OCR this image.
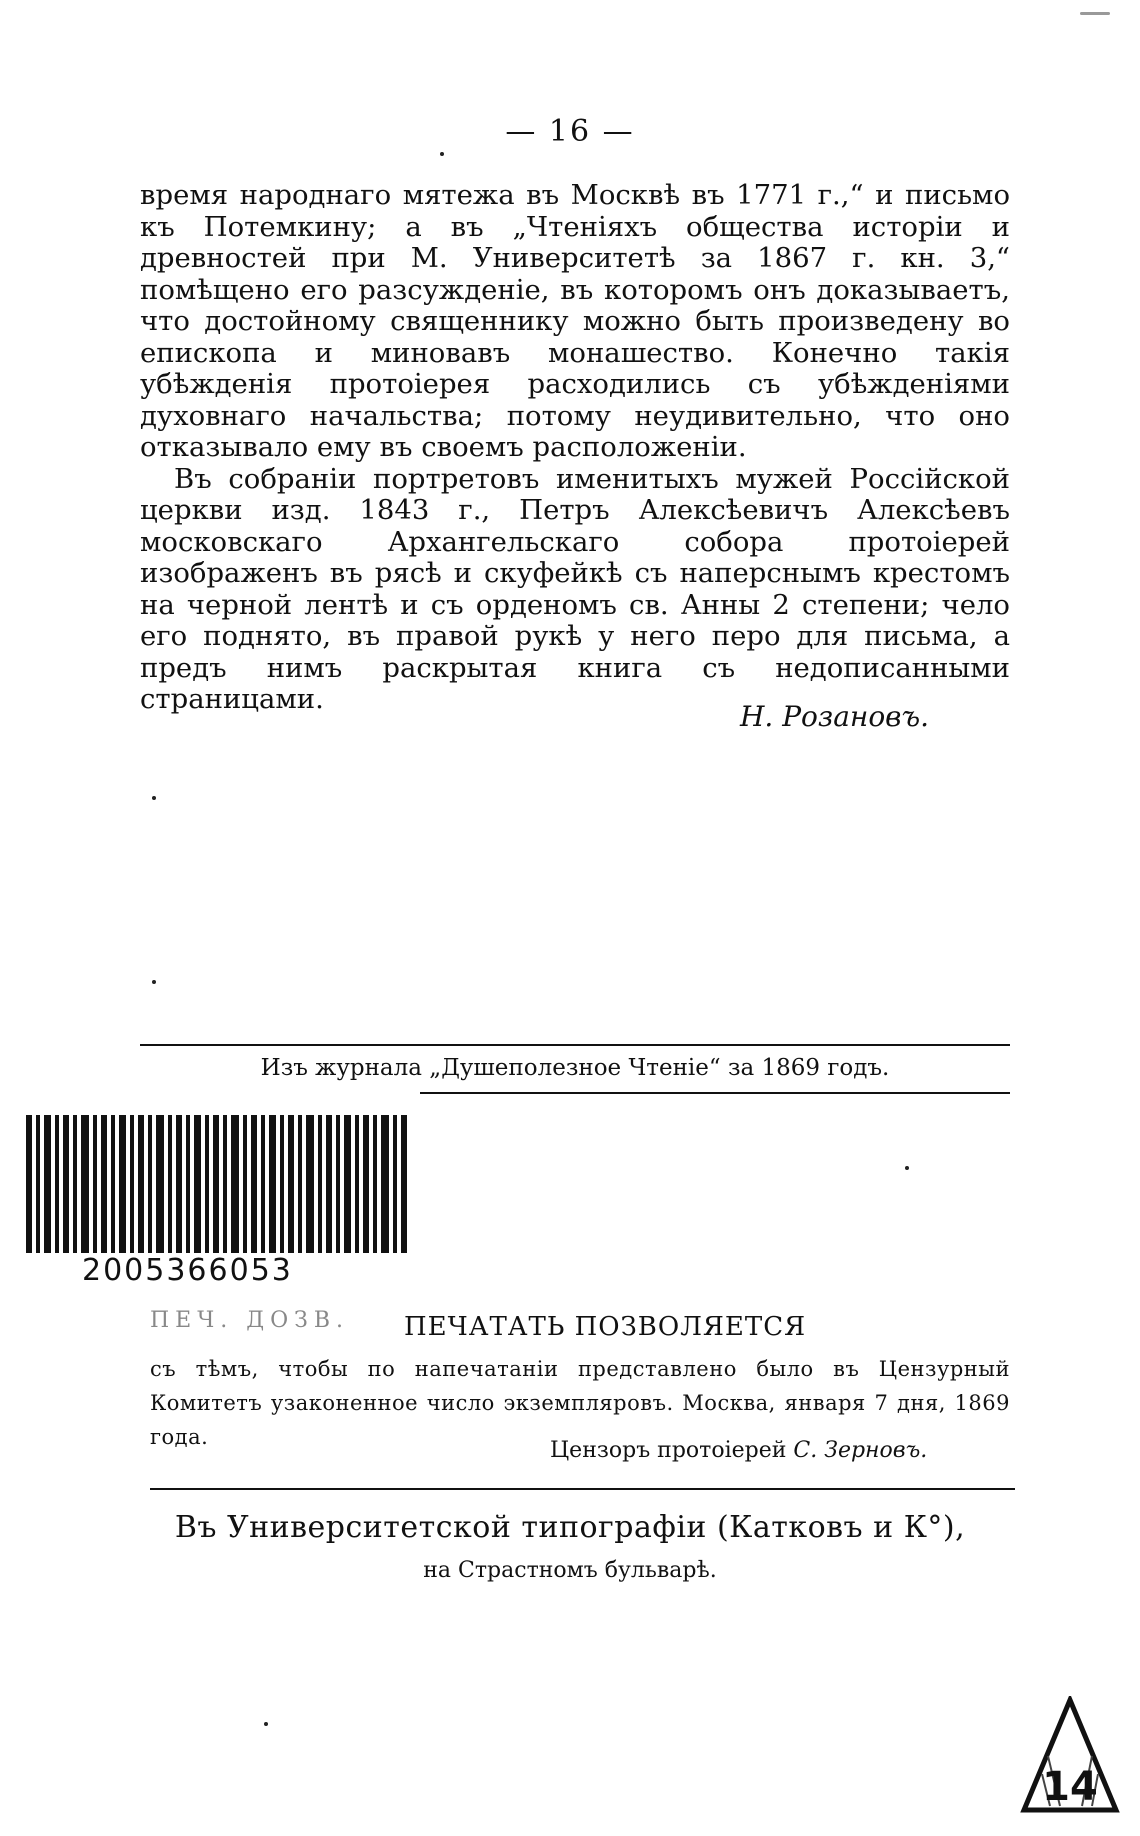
— 16 —

время народнаго мятежа въ Москвѣ въ 1771 г.,“ и письмо къ Потемкину; а въ „Чтеніяхъ общества исторіи и древностей при М. Университетѣ за 1867 г. кн. 3,“ помѣщено его разсужденіе, въ которомъ онъ доказываетъ, что достойному священнику можно быть произведену во епископа и миновавъ монашество. Конечно такія убѣжденія протоіерея расходились съ убѣжденіями духовнаго начальства; потому неудивительно, что оно отказывало ему въ своемъ расположеніи.

Въ собраніи портретовъ именитыхъ мужей Россійской церкви изд. 1843 г., Петръ Алексѣевичъ Алексѣевъ московскаго Архангельскаго собора протоіерей изображенъ въ рясѣ и скуфейкѣ съ наперснымъ крестомъ на черной лентѣ и съ орденомъ св. Анны 2 степени; чело его поднято, въ правой рукѣ у него перо для письма, а предъ нимъ раскрытая книга съ недописанными страницами.

Н. Розановъ.
Изъ журнала „Душеполезное Чтеніе“ за 1869 годъ.
2005366053
ПЕЧ. ДОЗВ. ПЕЧАТАТЬ ПОЗВОЛЯЕТСЯ
съ тѣмъ, чтобы по напечатаніи представлено было въ Цензурный Комитетъ узаконенное число экземпляровъ. Москва, января 7 дня, 1869 года.
Цензоръ протоіерей С. Зерновъ.
Въ Университетской типографіи (Катковъ и К°),
на Страстномъ бульварѣ.
14
